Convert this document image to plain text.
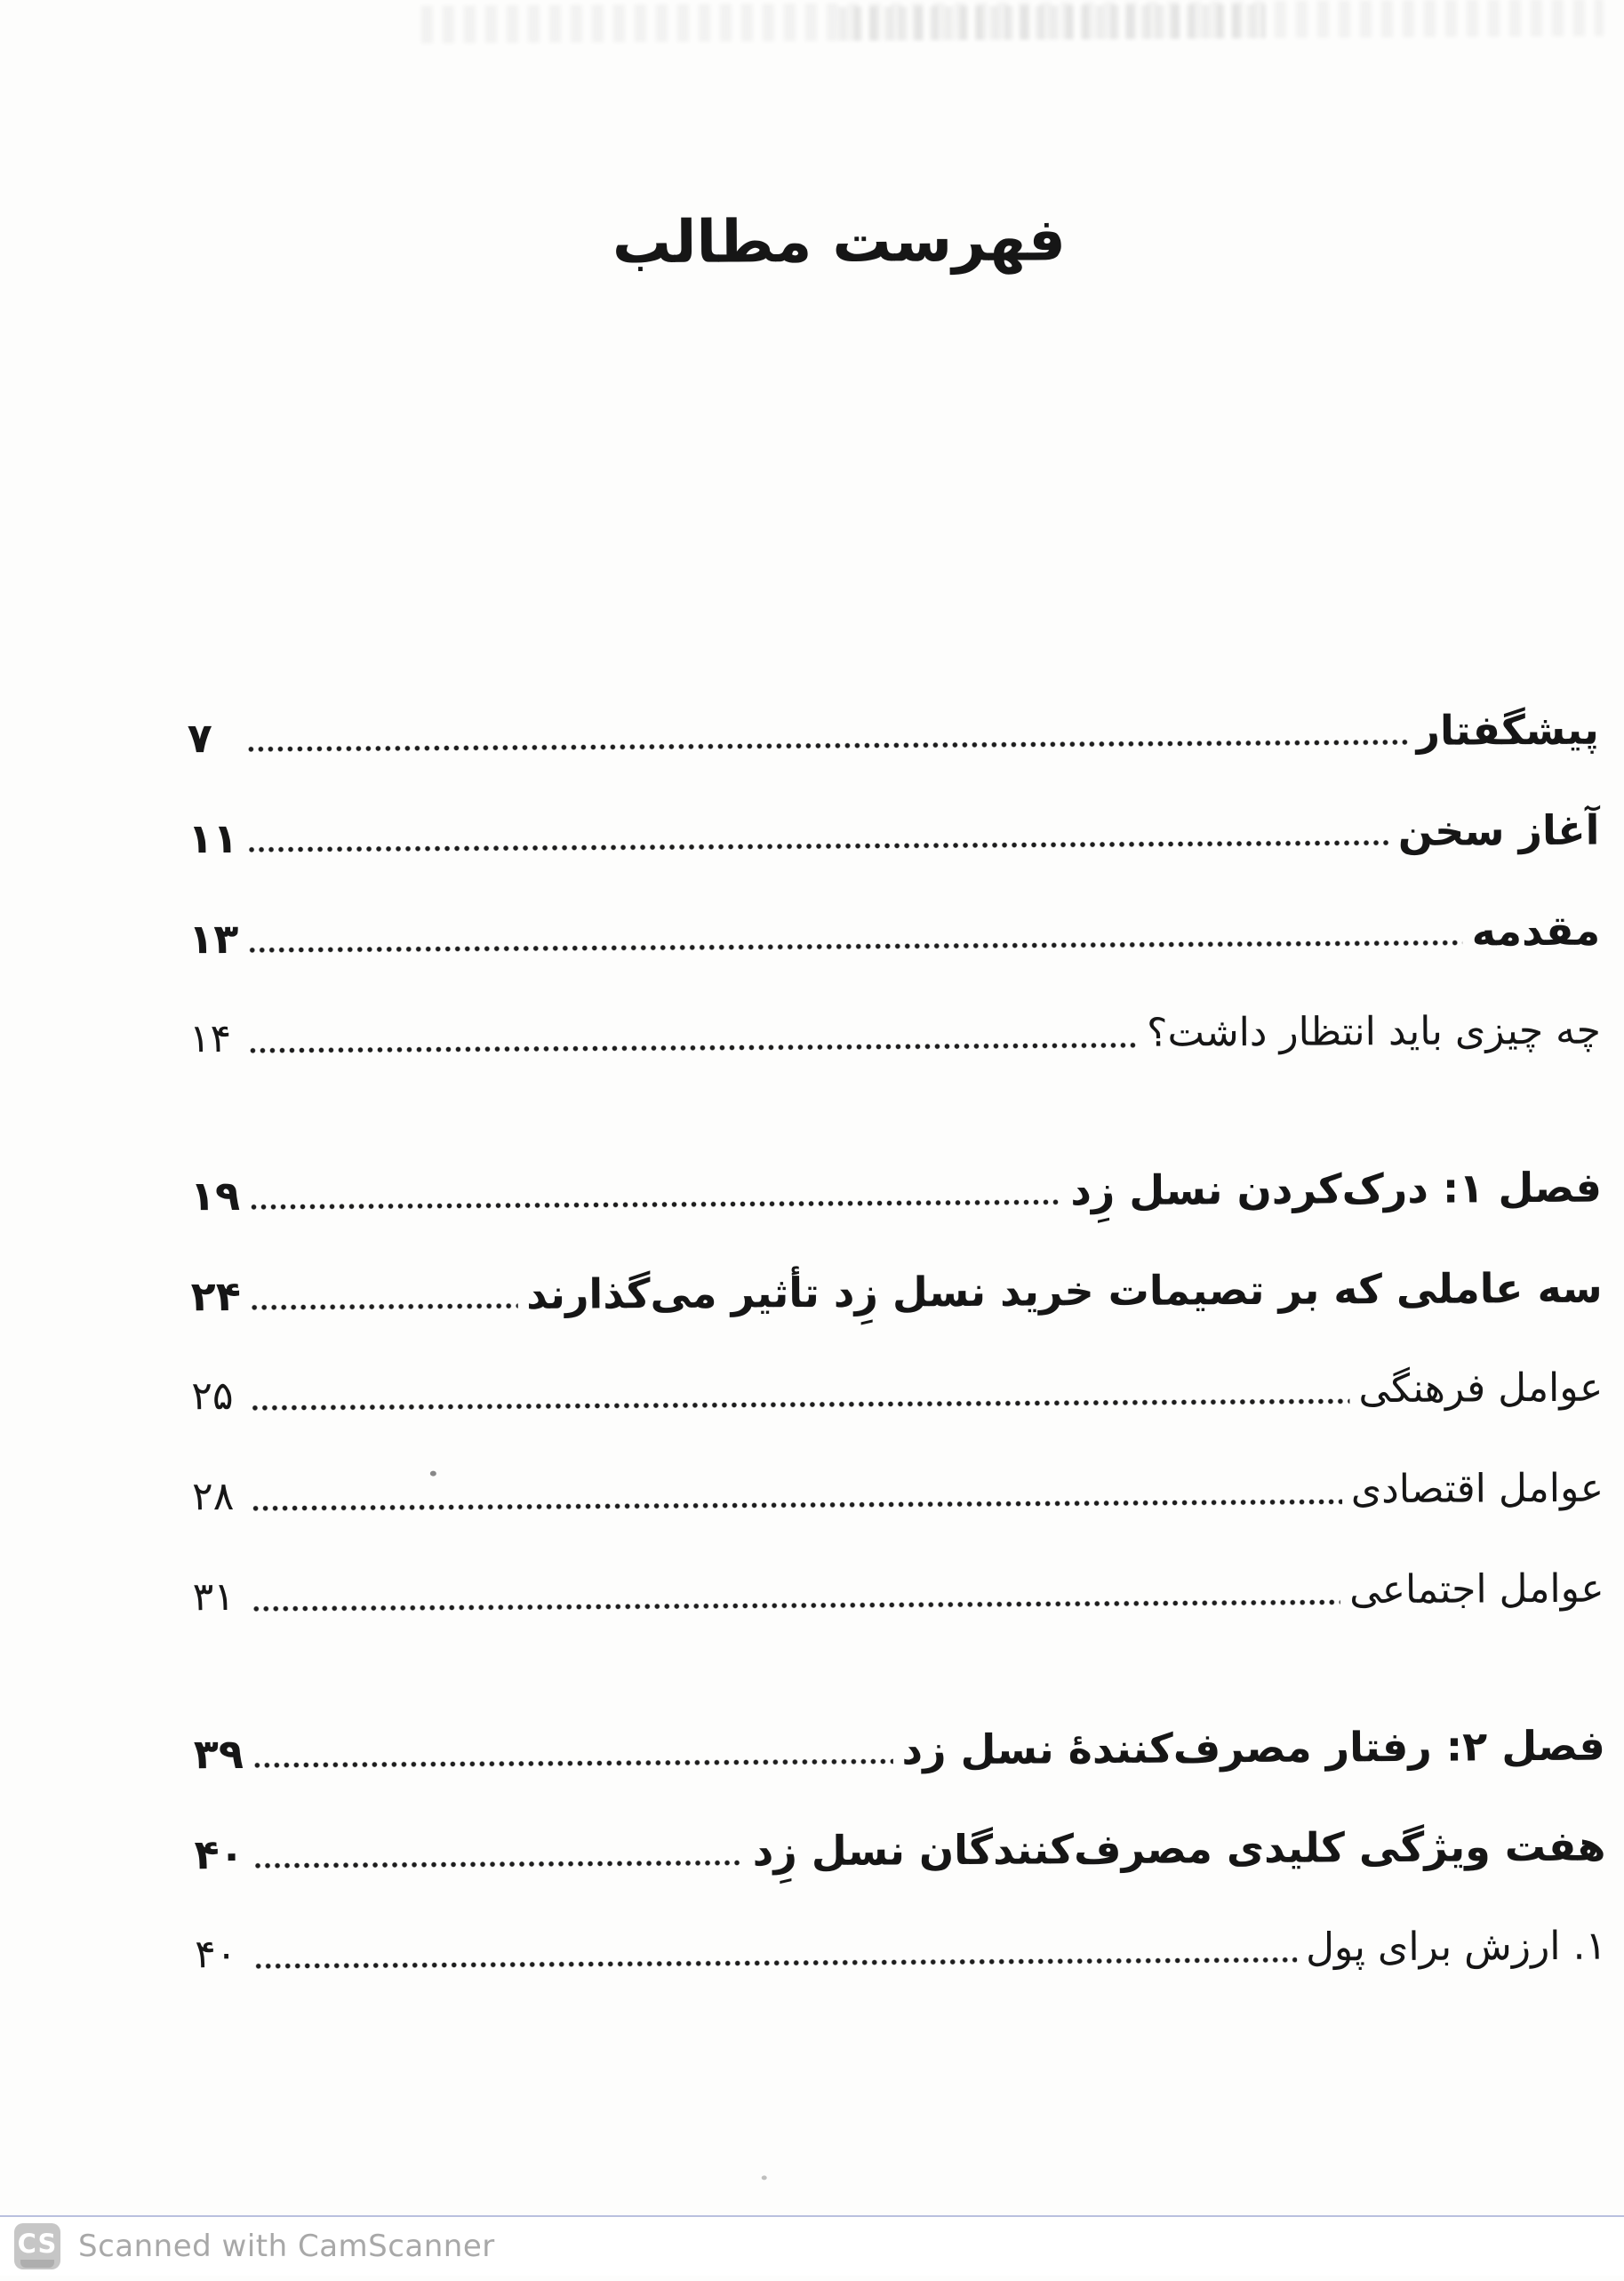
فهرست مطالب
پیشگفتار
۷
آغاز سخن
۱۱
مقدمه
۱۳
چه چیزی باید انتظار داشت؟
۱۴
فصل ۱: درک‌کردن نسل زِد
۱۹
سه عاملی که بر تصیمات خرید نسل زِد تأثیر می‌گذارند
۲۴
عوامل فرهنگی
۲۵
عوامل اقتصادی
۲۸
عوامل اجتماعی
۳۱
فصل ۲: رفتار مصرف‌کنندۀ نسل زد
۳۹
هفت ویژگی کلیدی مصرف‌کنندگان نسل زِد
۴۰
۱. ارزش برای پول
۴۰
CS Scanned with CamScanner
